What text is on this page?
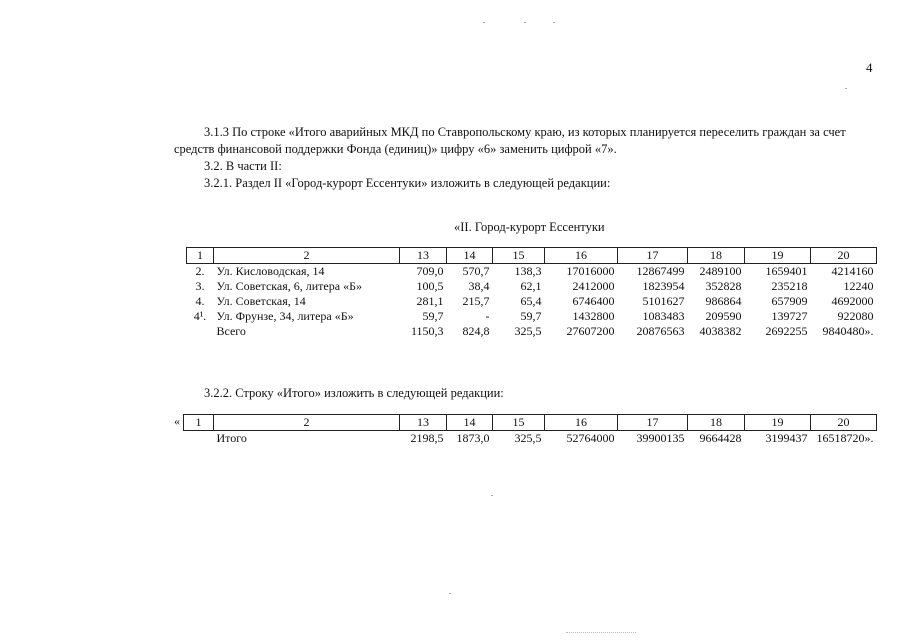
4
3.1.3 По строке «Итого аварийных МКД по Ставропольскому краю, из которых планируется переселить граждан за счет
средств финансовой поддержки Фонда (единиц)» цифру «6» заменить цифрой «7».
3.2. В части II:
3.2.1. Раздел II «Город-курорт Ессентуки» изложить в следующей редакции:
«II. Город-курорт Ессентуки
1	2	13	14	15	16	17	18	19	20
2.	Ул. Кисловодская, 14	709,0	570,7	138,3	17016000	12867499	2489100	1659401	4214160
3.	Ул. Советская, 6, литера «Б»	100,5	38,4	62,1	2412000	1823954	352828	235218	12240
4.	Ул. Советская, 14	281,1	215,7	65,4	6746400	5101627	986864	657909	4692000
4¹.	Ул. Фрунзе, 34, литера «Б»	59,7	-	59,7	1432800	1083483	209590	139727	922080
	Всего	1150,3	824,8	325,5	27607200	20876563	4038382	2692255	9840480».
3.2.2. Строку «Итого» изложить в следующей редакции:
« 1	2	13	14	15	16	17	18	19	20
	Итого	2198,5	1873,0	325,5	52764000	39900135	9664428	3199437	16518720».
